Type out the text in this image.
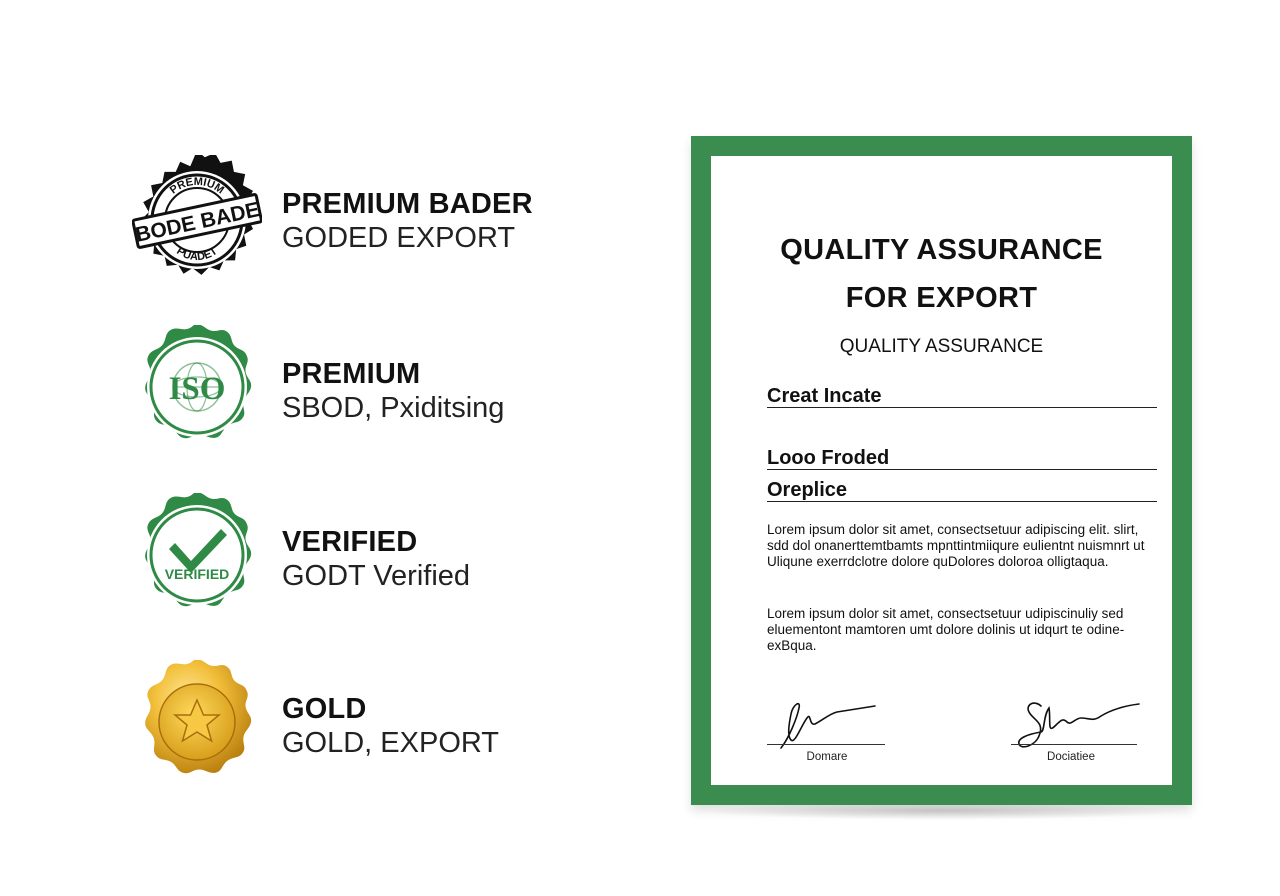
PREMIUM
PUADET
BODE BADE PREMIUM BADER
GODED EXPORT
ISO PREMIUM
SBOD, Pxiditsing
VERIFIED
VERIFIED
GODT Verified
GOLD
GOLD, EXPORT
QUALITY ASSURANCE
FOR EXPORT
QUALITY ASSURANCE
Creat Incate
Looo Froded
Oreplice
Lorem ipsum dolor sit amet, consectsetuur adipiscing elit. slirt, sdd dol onanerttemtbamts mpnttintmiiqure eulientnt nuismnrt ut Uliqune exerrdclotre dolore quDolores doloroa olligtaqua.
Lorem ipsum dolor sit amet, consectsetuur udipiscinuliy sed eluementont mamtoren umt dolore dolinis ut idqurt te odine-exBqua.
Domare	Dociatiee
